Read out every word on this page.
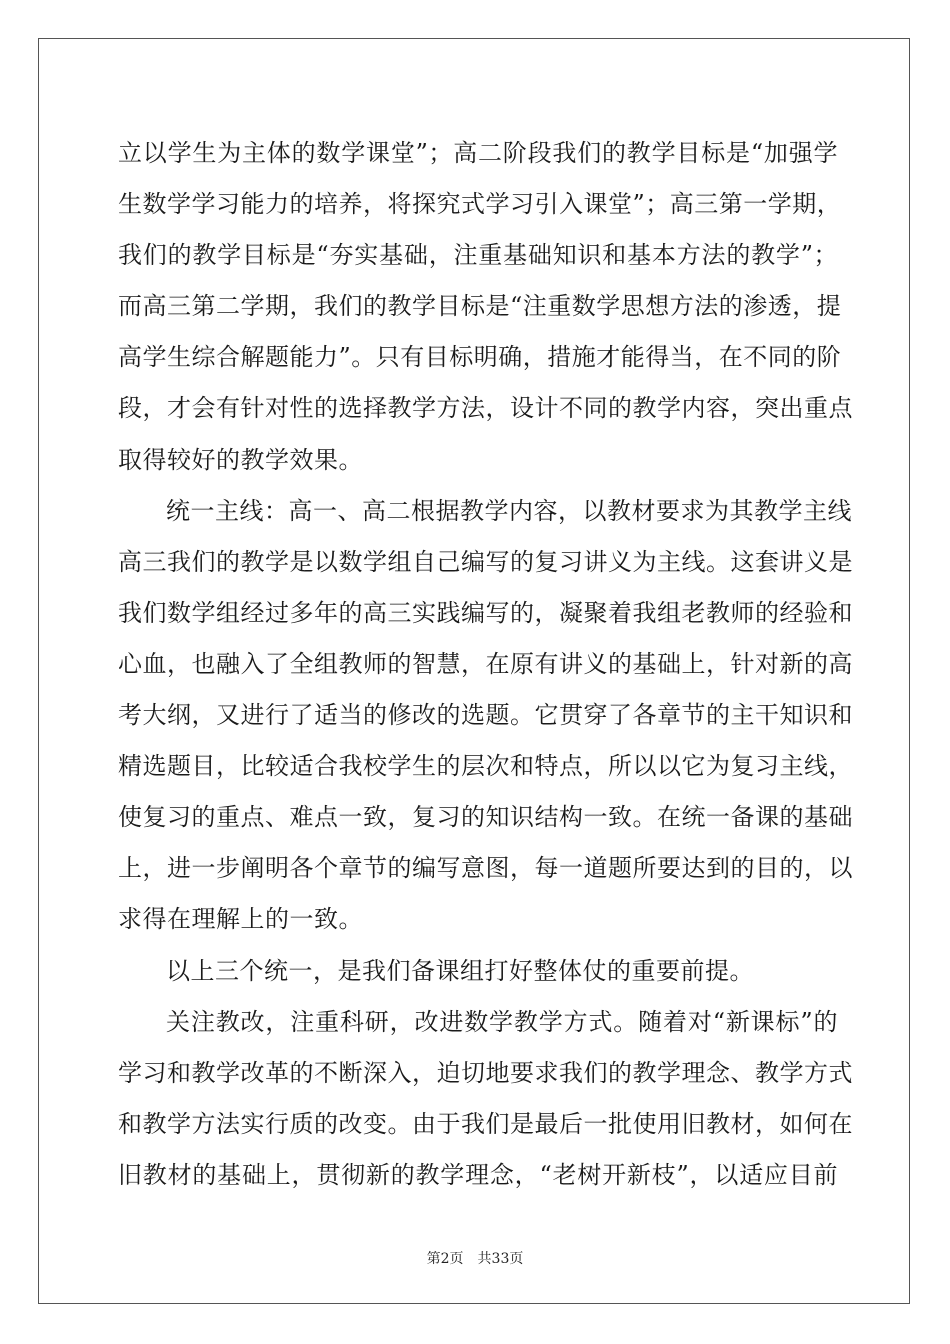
立以学生为主体的数学课堂”；高二阶段我们的教学目标是“加强学
生数学学习能力的培养，将探究式学习引入课堂”；高三第一学期，
我们的教学目标是“夯实基础，注重基础知识和基本方法的教学”；
而高三第二学期，我们的教学目标是“注重数学思想方法的渗透，提
高学生综合解题能力”。只有目标明确，措施才能得当，在不同的阶
段，才会有针对性的选择教学方法，设计不同的教学内容，突出重点
取得较好的教学效果。
统一主线：高一、高二根据教学内容，以教材要求为其教学主线
高三我们的教学是以数学组自己编写的复习讲义为主线。这套讲义是
我们数学组经过多年的高三实践编写的，凝聚着我组老教师的经验和
心血，也融入了全组教师的智慧，在原有讲义的基础上，针对新的高
考大纲，又进行了适当的修改的选题。它贯穿了各章节的主干知识和
精选题目，比较适合我校学生的层次和特点，所以以它为复习主线，
使复习的重点、难点一致，复习的知识结构一致。在统一备课的基础
上，进一步阐明各个章节的编写意图，每一道题所要达到的目的，以
求得在理解上的一致。
以上三个统一，是我们备课组打好整体仗的重要前提。
关注教改，注重科研，改进数学教学方式。随着对“新课标”的
学习和教学改革的不断深入，迫切地要求我们的教学理念、教学方式
和教学方法实行质的改变。由于我们是最后一批使用旧教材，如何在
旧教材的基础上，贯彻新的教学理念，“老树开新枝”，以适应目前
第2页 共33页
